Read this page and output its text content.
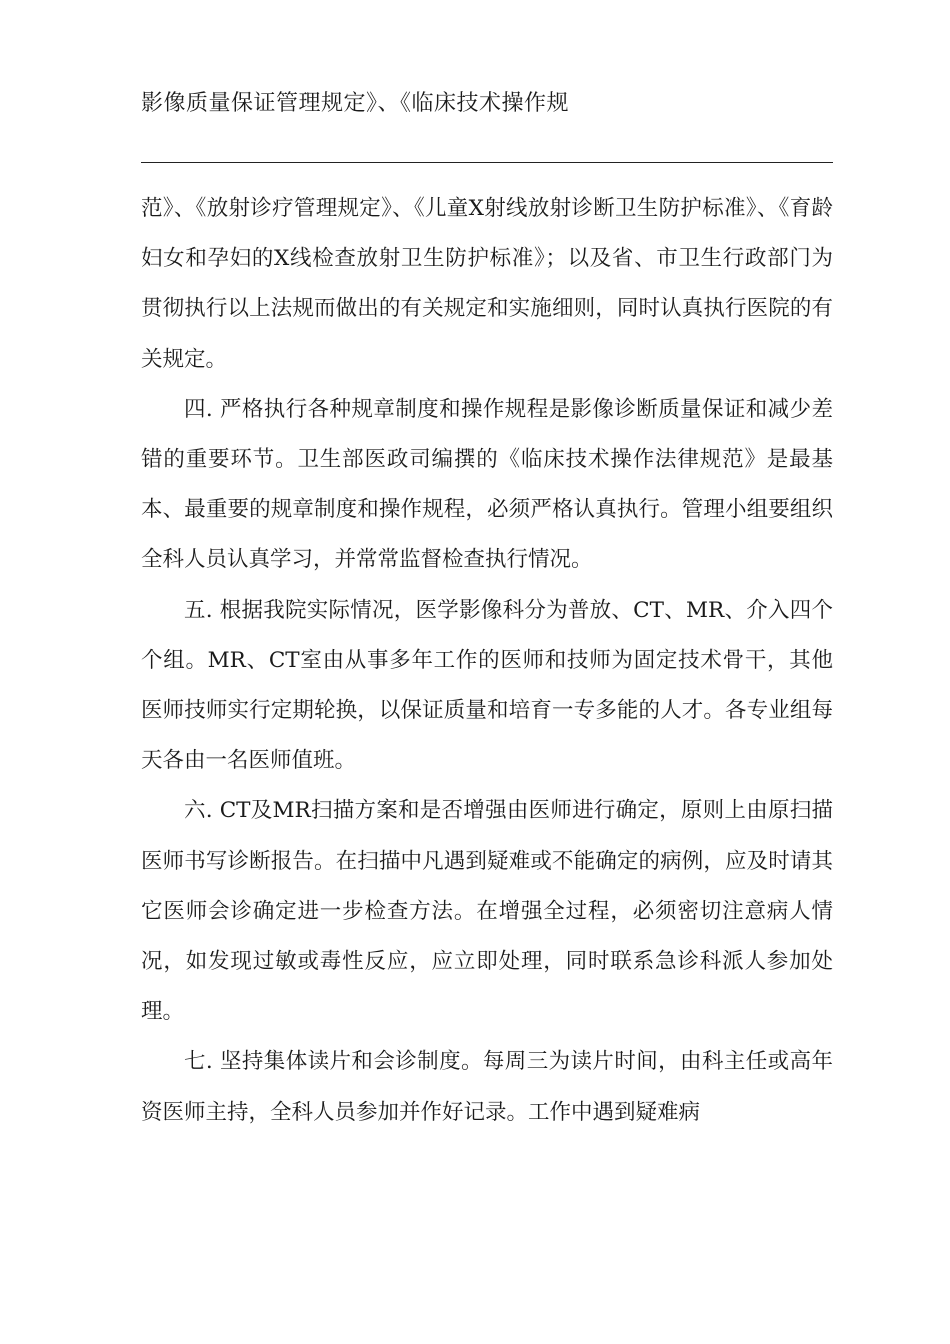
影像质量保证管理规定》、《临床技术操作规

范》、《放射诊疗管理规定》、《儿童X射线放射诊断卫生防护标准》、《育龄妇女和孕妇的X线检查放射卫生防护标准》；以及省、市卫生行政部门为贯彻执行以上法规而做出的有关规定和实施细则，同时认真执行医院的有关规定。

四. 严格执行各种规章制度和操作规程是影像诊断质量保证和减少差错的重要环节。卫生部医政司编撰的《临床技术操作法律规范》是最基本、最重要的规章制度和操作规程，必须严格认真执行。管理小组要组织全科人员认真学习，并常常监督检查执行情况。

五. 根据我院实际情况，医学影像科分为普放、CT、MR、介入四个个组。MR、CT室由从事多年工作的医师和技师为固定技术骨干，其他医师技师实行定期轮换，以保证质量和培育一专多能的人才。各专业组每天各由一名医师值班。

六. CT及MR扫描方案和是否增强由医师进行确定，原则上由原扫描医师书写诊断报告。在扫描中凡遇到疑难或不能确定的病例，应及时请其它医师会诊确定进一步检查方法。在增强全过程，必须密切注意病人情况，如发现过敏或毒性反应，应立即处理，同时联系急诊科派人参加处理。

七. 坚持集体读片和会诊制度。每周三为读片时间，由科主任或高年资医师主持，全科人员参加并作好记录。工作中遇到疑难病
